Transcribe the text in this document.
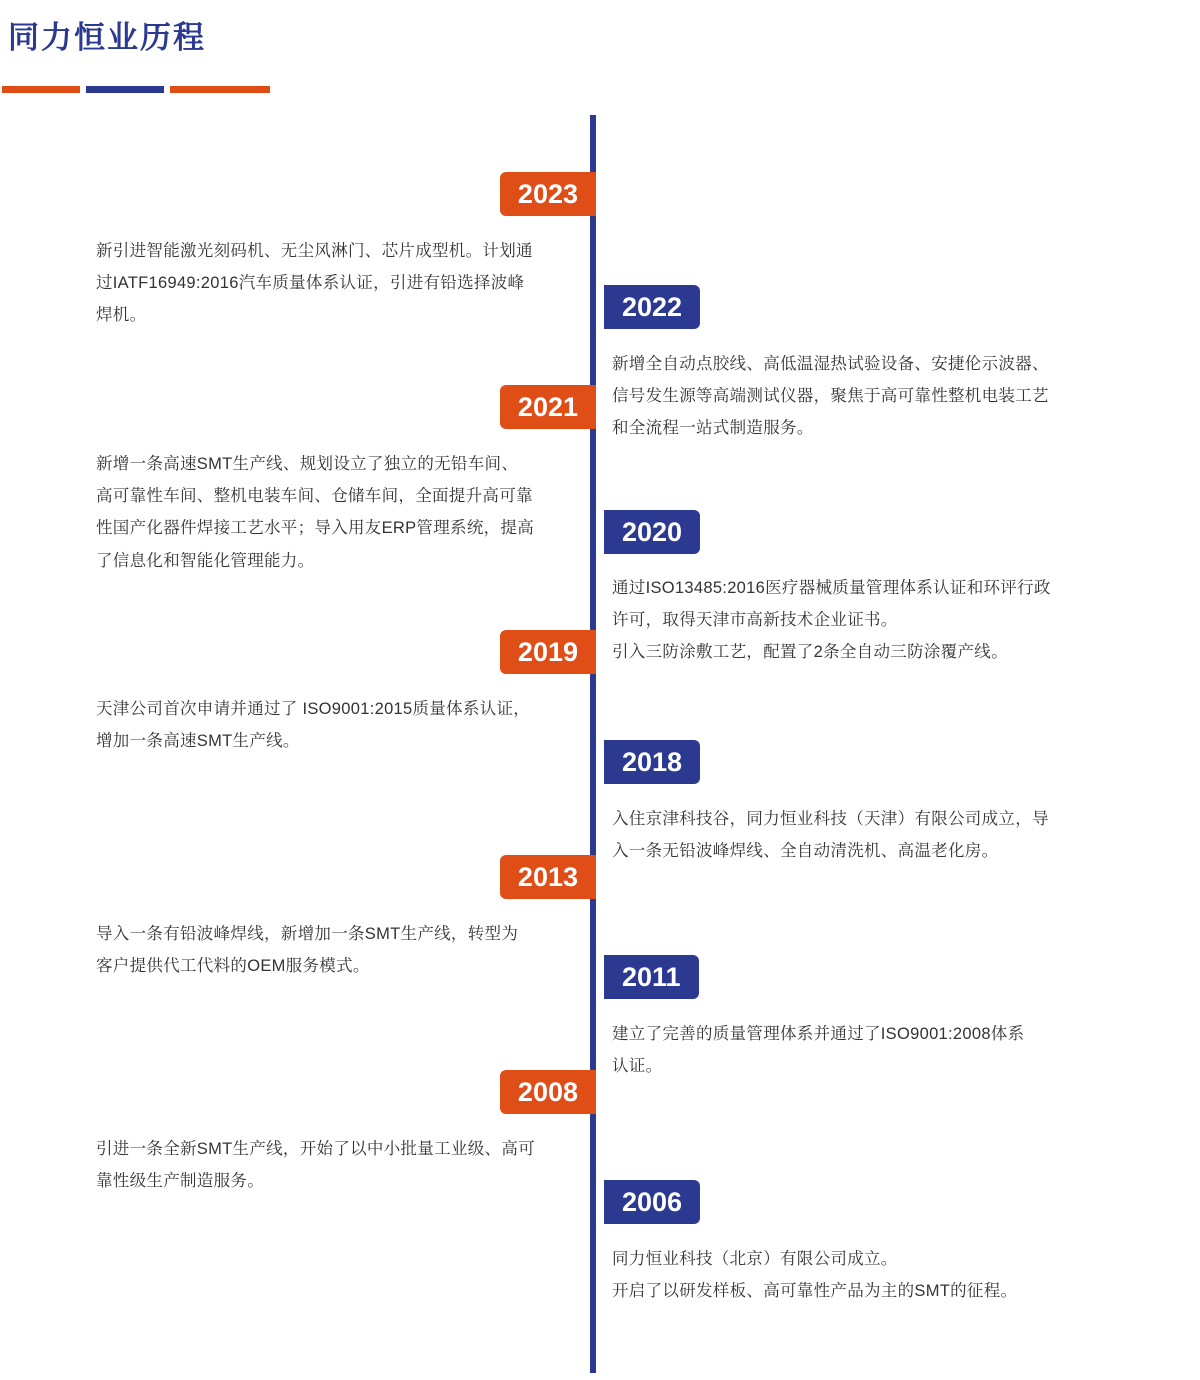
同力恒业历程
2023

新引进智能激光刻码机、无尘风淋门、芯片成型机。计划通

过IATF16949:2016汽车质量体系认证，引进有铅选择波峰

焊机。	2022

新增全自动点胶线、高低温湿热试验设备、安捷伦示波器、

信号发生源等高端测试仪器，聚焦于高可靠性整机电装工艺

和全流程一站式制造服务。

2021

新增一条高速SMT生产线、规划设立了独立的无铅车间、

高可靠性车间、整机电装车间、仓储车间，全面提升高可靠

性国产化器件焊接工艺水平；导入用友ERP管理系统，提高

了信息化和智能化管理能力。

2020

通过ISO13485:2016医疗器械质量管理体系认证和环评行政

许可，取得天津市高新技术企业证书。

引入三防涂敷工艺，配置了2条全自动三防涂覆产线。

2019

天津公司首次申请并通过了 ISO9001:2015质量体系认证，

增加一条高速SMT生产线。

2018

入住京津科技谷，同力恒业科技（天津）有限公司成立，导

入一条无铅波峰焊线、全自动清洗机、高温老化房。

2013

导入一条有铅波峰焊线，新增加一条SMT生产线，转型为

客户提供代工代料的OEM服务模式。	2011

建立了完善的质量管理体系并通过了ISO9001:2008体系

认证。

2008

引进一条全新SMT生产线，开始了以中小批量工业级、高可

靠性级生产制造服务。

2006

同力恒业科技（北京）有限公司成立。

开启了以研发样板、高可靠性产品为主的SMT的征程。
